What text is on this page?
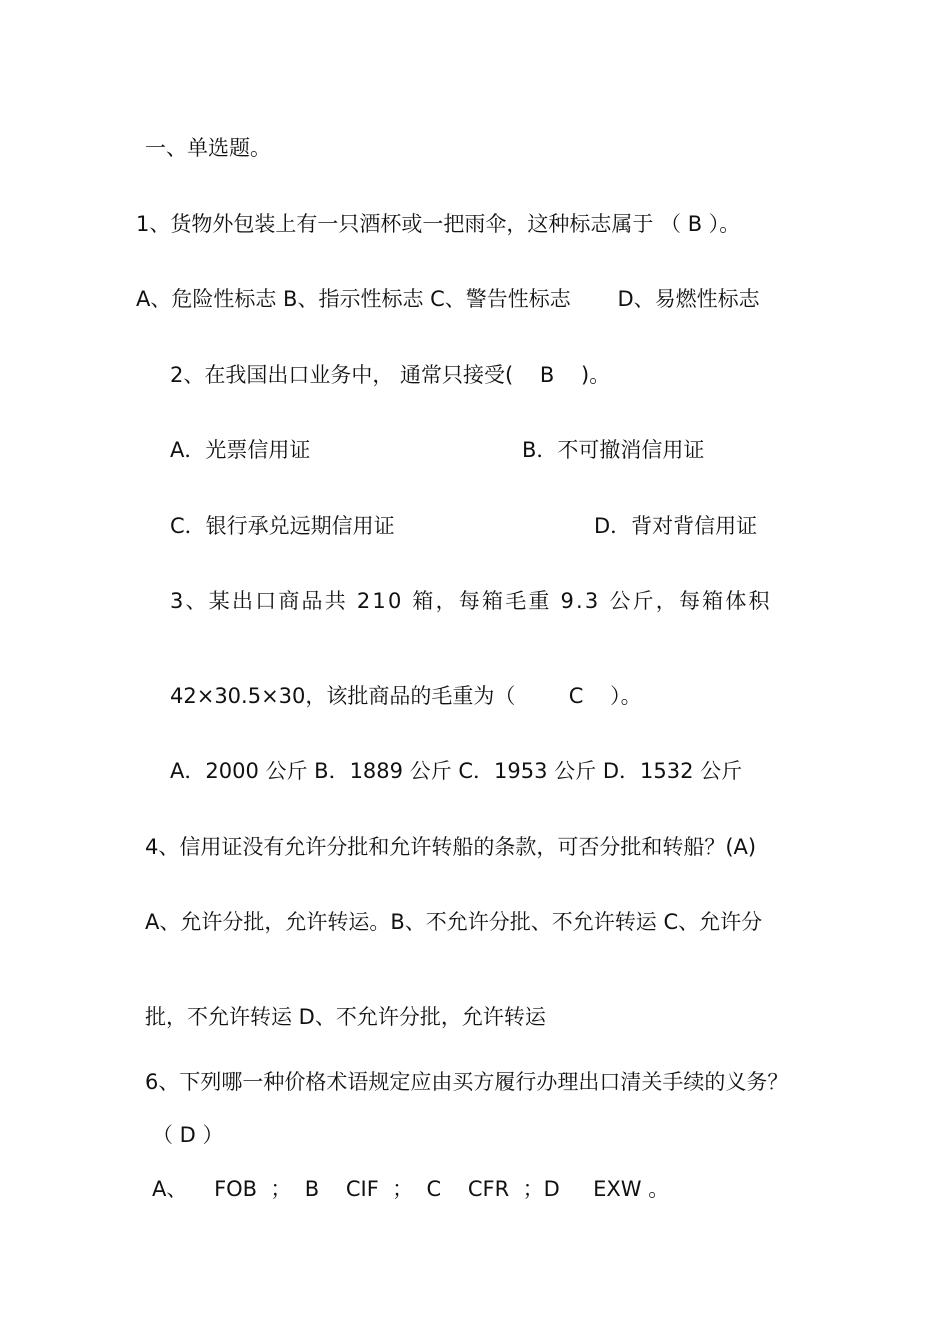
一、单选题。
1、货物外包装上有一只酒杯或一把雨伞，这种标志属于 （ B ）。
A、危险性标志 B、指示性标志 C、警告性标志       D、易燃性标志
2、在我国出口业务中， 通常只接受(    B    )。
A．光票信用证	B．不可撤消信用证
C．银行承兑远期信用证	D．背对背信用证
3、某出口商品共 210 箱，每箱毛重 9.3 公斤，每箱体积
42×30.5×30，该批商品的毛重为（        C    ）。
A．2000 公斤 B．1889 公斤 C．1953 公斤 D．1532 公斤
4、信用证没有允许分批和允许转船的条款，可否分批和转船？(A)
A、允许分批，允许转运。B、不允许分批、不允许转运 C、允许分
批，不允许转运 D、不允许分批，允许转运
6、下列哪一种价格术语规定应由买方履行办理出口清关手续的义务？
（ D ）
A、    FOB  ；  B    CIF  ；  C    CFR  ；D     EXW 。
